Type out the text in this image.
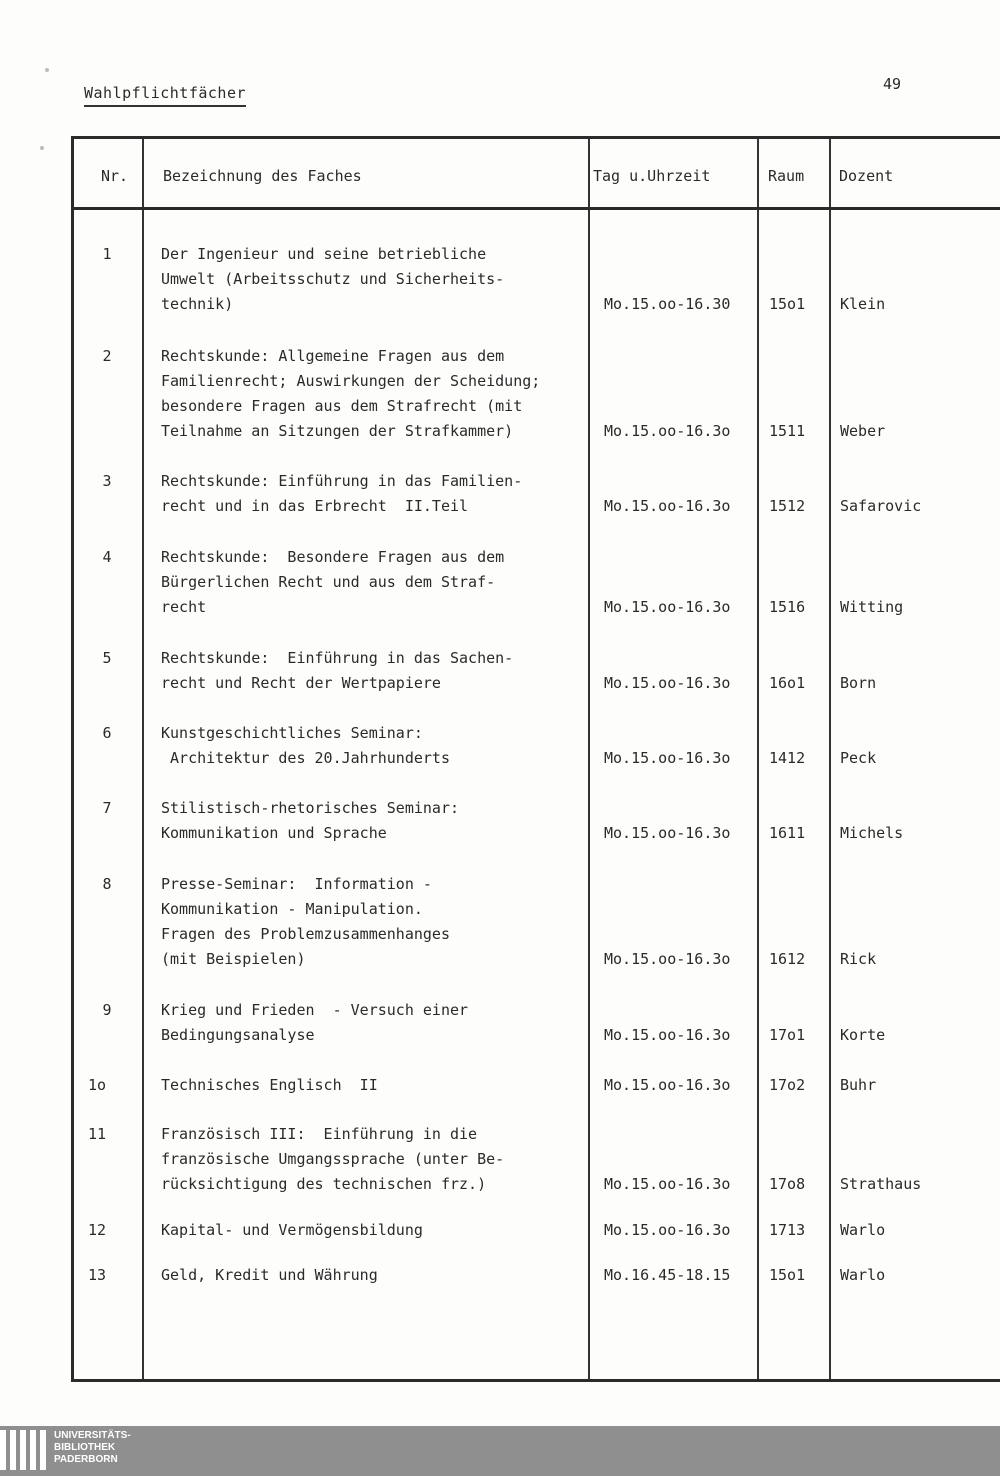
Wahlpflichtfächer	49
Nr. Bezeichnung des Faches	Tag u.Uhrzeit	Raum Dozent
1	Der Ingenieur und seine betriebliche
Umwelt (Arbeitsschutz und Sicherheits-
technik)	Mo.15.oo-16.30	15o1 Klein
2	Rechtskunde: Allgemeine Fragen aus dem
Familienrecht; Auswirkungen der Scheidung;
besondere Fragen aus dem Strafrecht (mit
Teilnahme an Sitzungen der Strafkammer)	Mo.15.oo-16.3o	1511 Weber
3	Rechtskunde: Einführung in das Familien-
recht und in das Erbrecht  II.Teil	Mo.15.oo-16.3o	1512 Safarovic
4	Rechtskunde:  Besondere Fragen aus dem
Bürgerlichen Recht und aus dem Straf-
recht	Mo.15.oo-16.3o	1516 Witting
5	Rechtskunde:  Einführung in das Sachen-
recht und Recht der Wertpapiere	Mo.15.oo-16.3o	16o1 Born
6	Kunstgeschichtliches Seminar:
Architektur des 20.Jahrhunderts	Mo.15.oo-16.3o	1412 Peck
7	Stilistisch-rhetorisches Seminar:
Kommunikation und Sprache	Mo.15.oo-16.3o	1611 Michels
8	Presse-Seminar:  Information -
Kommunikation - Manipulation.
Fragen des Problemzusammenhanges
(mit Beispielen)	Mo.15.oo-16.3o	1612 Rick
9	Krieg und Frieden  - Versuch einer
Bedingungsanalyse	Mo.15.oo-16.3o	17o1 Korte
1o	Technisches Englisch  II	Mo.15.oo-16.3o	17o2 Buhr
11	Französisch III:  Einführung in die
französische Umgangssprache (unter Be-
rücksichtigung des technischen frz.)	Mo.15.oo-16.3o	17o8 Strathaus
12	Kapital- und Vermögensbildung	Mo.15.oo-16.3o	1713 Warlo
13	Geld, Kredit und Währung	Mo.16.45-18.15	15o1 Warlo
UNIVERSITÄTS-
BIBLIOTHEK
PADERBORN
